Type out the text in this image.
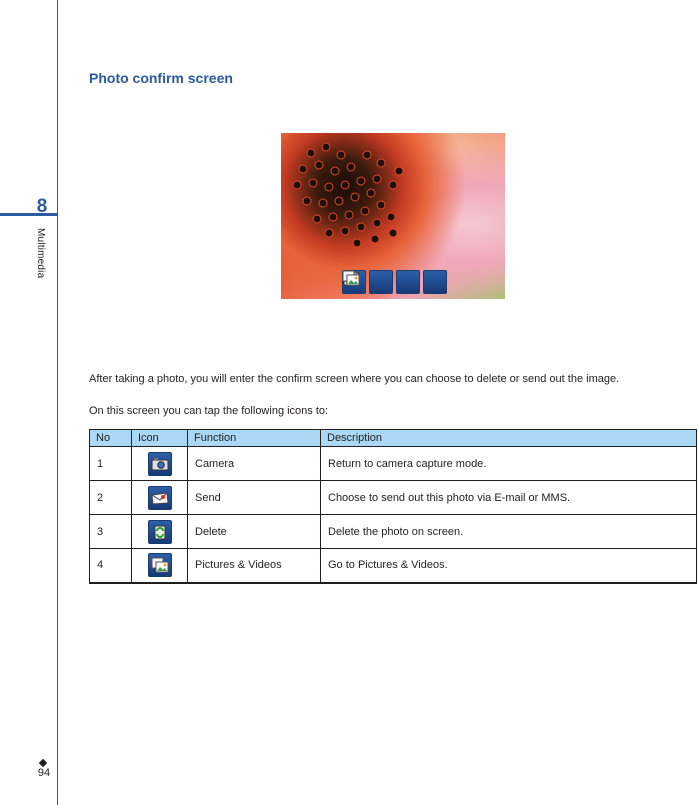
8
Multimedia
94
Photo confirm screen

After taking a photo, you will enter the confirm screen where you can choose to delete or send out the image.

On this screen you can tap the following icons to:

No	Icon	Function	Description
1		Camera	Return to camera capture mode.
2		Send	Choose to send out this photo via E-mail or MMS.
3		Delete	Delete the photo on screen.
4		Pictures & Videos	Go to Pictures & Videos.
